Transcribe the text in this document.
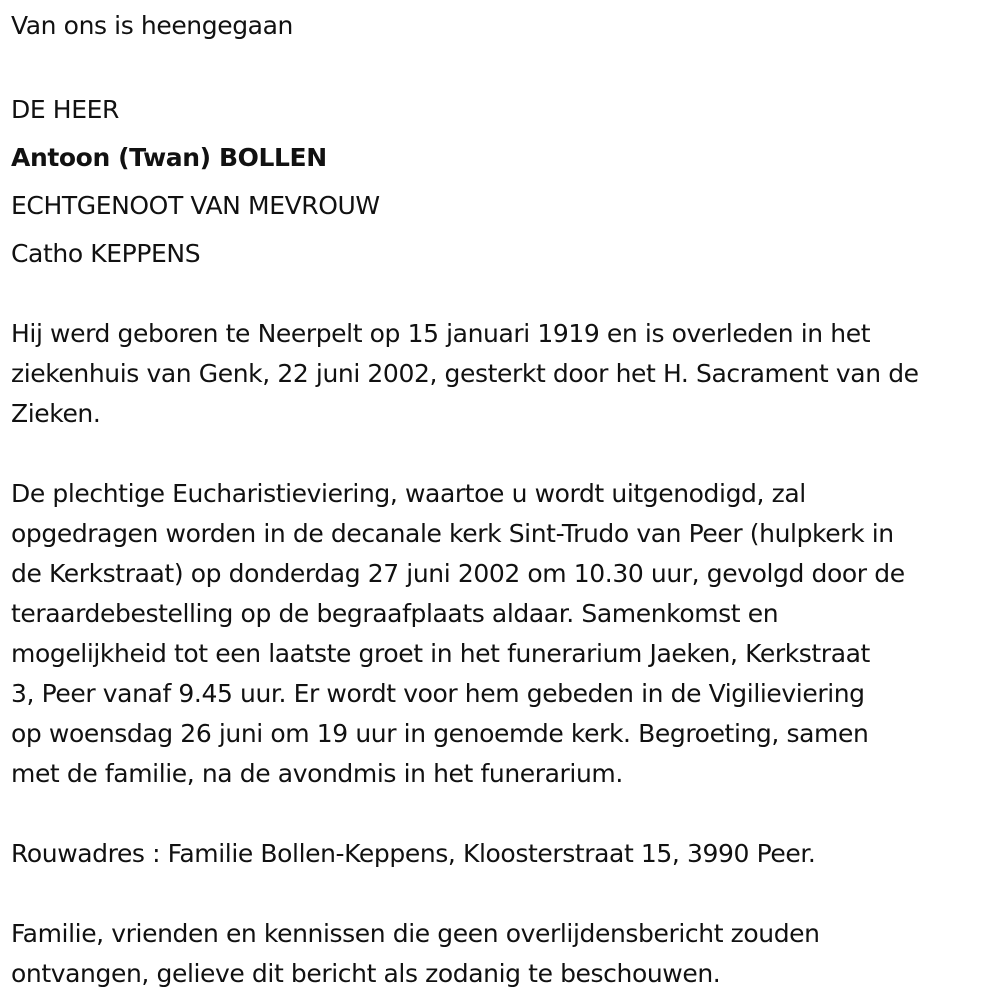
Van ons is heengegaan

DE HEER

Antoon (Twan) BOLLEN

ECHTGENOOT VAN MEVROUW

Catho KEPPENS

Hij werd geboren te Neerpelt op 15 januari 1919 en is overleden in het

ziekenhuis van Genk, 22 juni 2002, gesterkt door het H. Sacrament van de

Zieken.

De plechtige Eucharistieviering, waartoe u wordt uitgenodigd, zal

opgedragen worden in de decanale kerk Sint-Trudo van Peer (hulpkerk in

de Kerkstraat) op donderdag 27 juni 2002 om 10.30 uur, gevolgd door de

teraardebestelling op de begraafplaats aldaar. Samenkomst en

mogelijkheid tot een laatste groet in het funerarium Jaeken, Kerkstraat

3, Peer vanaf 9.45 uur. Er wordt voor hem gebeden in de Vigilieviering

op woensdag 26 juni om 19 uur in genoemde kerk. Begroeting, samen

met de familie, na de avondmis in het funerarium.

Rouwadres : Familie Bollen-Keppens, Kloosterstraat 15, 3990 Peer.

Familie, vrienden en kennissen die geen overlijdensbericht zouden

ontvangen, gelieve dit bericht als zodanig te beschouwen.
